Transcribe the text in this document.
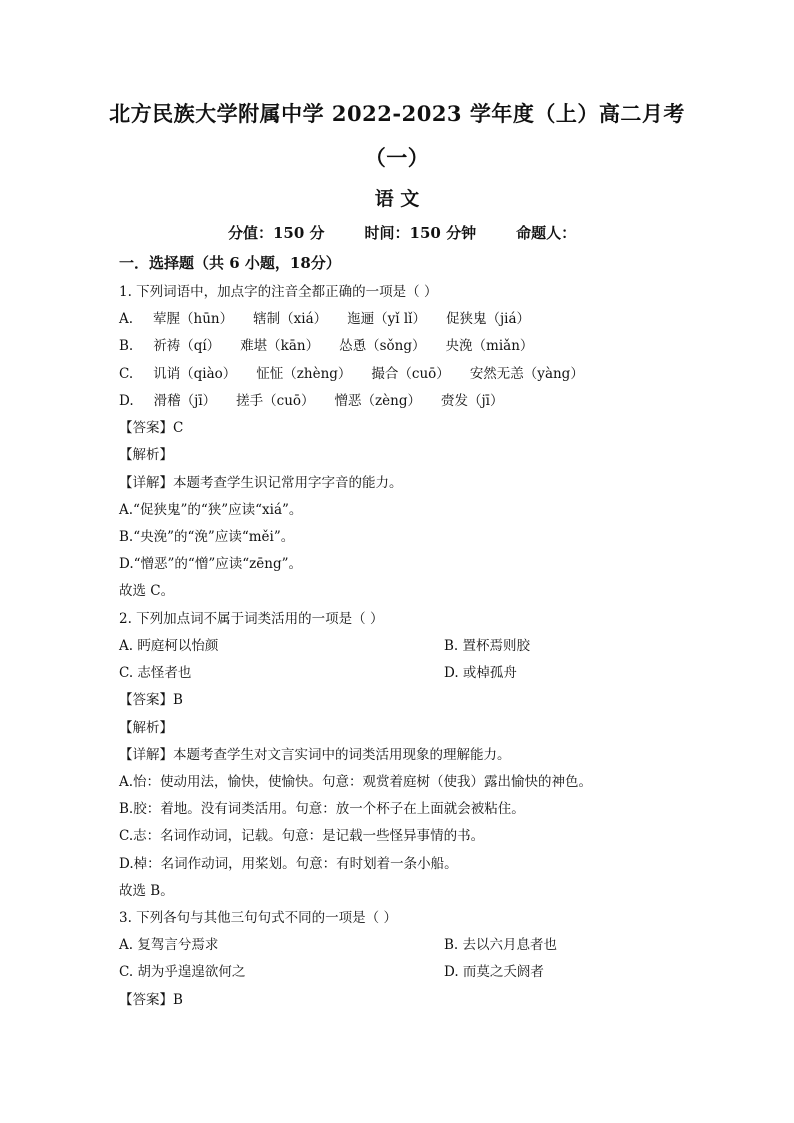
北方民族大学附属中学 2022-2023 学年度（上）高二月考
（一）
语 文
分值：150 分	时间：150 分钟	命题人：
一．选择题（共 6 小题，18分）
1. 下列词语中，加点字的注音全都正确的一项是（ ）
A. 荤腥（hūn） 辖制（xiá） 迤逦（yǐ lǐ） 促狭鬼（jiá）
B. 祈祷（qí） 难堪（kān） 怂恿（sǒng） 央浼（miǎn）
C. 讥诮（qiào） 怔怔（zhèng） 撮合（cuō） 安然无恙（yàng）
D. 滑稽（jī） 搓手（cuō） 憎恶（zèng） 赍发（jī）
【答案】C
【解析】
【详解】本题考查学生识记常用字字音的能力。
A.“促狭鬼”的“狭”应读“xiá”。
B.“央浼”的“浼”应读“měi”。
D.“憎恶”的“憎”应读“zēng”。
故选 C。
2. 下列加点词不属于词类活用的一项是（ ）
A. 眄庭柯以怡颜	B. 置杯焉则胶
C. 志怪者也	D. 或棹孤舟
【答案】B
【解析】
【详解】本题考查学生对文言实词中的词类活用现象的理解能力。
A.怡：使动用法，愉快，使愉快。句意：观赏着庭树（使我）露出愉快的神色。
B.胶：着地。没有词类活用。句意：放一个杯子在上面就会被粘住。
C.志：名词作动词，记载。句意：是记载一些怪异事情的书。
D.棹：名词作动词，用桨划。句意：有时划着一条小船。
故选 B。
3. 下列各句与其他三句句式不同的一项是（ ）
A. 复驾言兮焉求	B. 去以六月息者也
C. 胡为乎遑遑欲何之	D. 而莫之夭阏者
【答案】B
